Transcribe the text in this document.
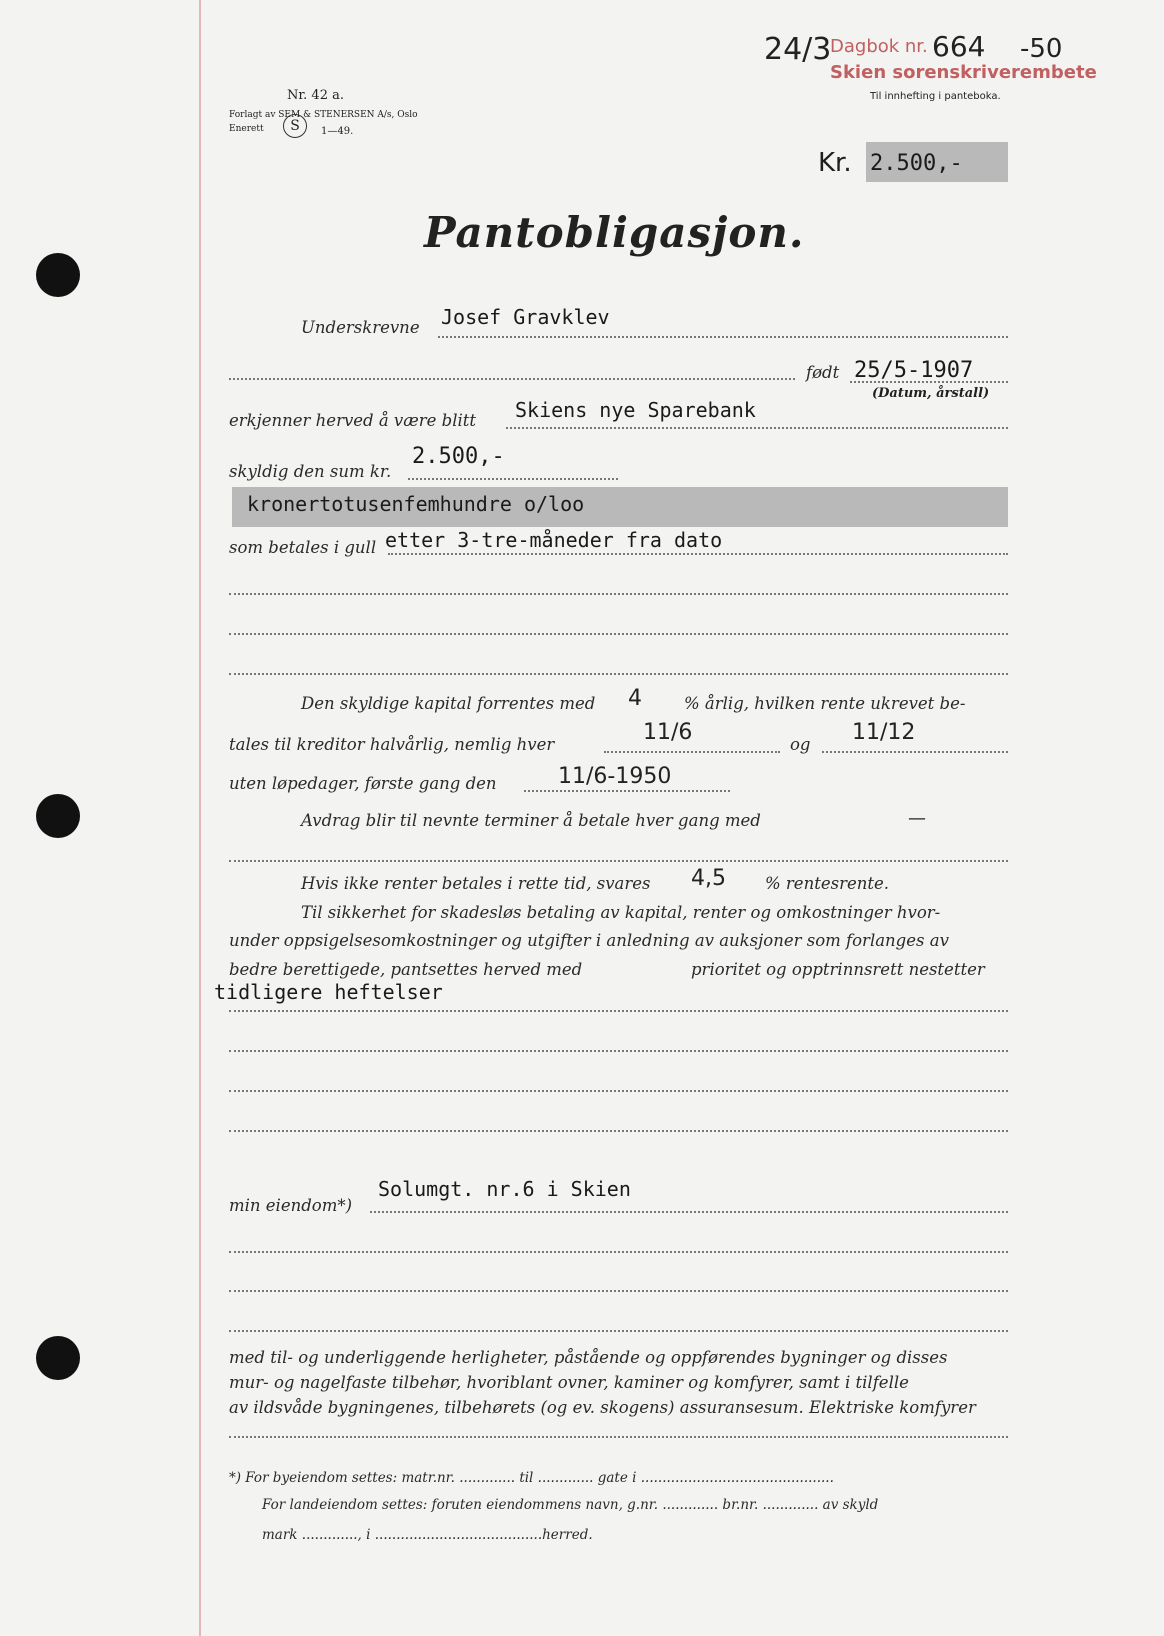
Nr. 42 a.
Forlagt av SEM & STENERSEN A/s, Oslo
Enerett	S	1—49.
24/3
Dagbok nr. 664 -50
Skien sorenskriverembete
Til innhefting i panteboka.
Kr. 2.500,-
Pantobligasjon.
Underskrevne Josef Gravklev
født 25/5-1907
(Datum, årstall)
erkjenner herved å være blitt Skiens nye Sparebank
skyldig den sum kr.
2.500,-
kronertotusenfemhundre o/loo
som betales i gull etter 3-tre-måneder fra dato
Den skyldige kapital forrentes med 4	% årlig, hvilken rente ukrevet be-
tales til kreditor halvårlig, nemlig hver	11/6	og 11/12
uten løpedager, første gang den	11/6-1950
Avdrag blir til nevnte terminer å betale hver gang med	—
Hvis ikke renter betales i rette tid, svares 4,5 % rentesrente.
Til sikkerhet for skadesløs betaling av kapital, renter og omkostninger hvor-
under oppsigelsesomkostninger og utgifter i anledning av auksjoner som forlanges av
bedre berettigede, pantsettes herved med	prioritet og opptrinnsrett nestetter
tidligere heftelser
Solumgt. nr.6 i Skien
min eiendom*)
med til- og underliggende herligheter, påstående og oppførendes bygninger og disses
mur- og nagelfaste tilbehør, hvoriblant ovner, kaminer og komfyrer, samt i tilfelle
av ildsvåde bygningenes, tilbehørets (og ev. skogens) assuransesum. Elektriske komfyrer
*) For byeiendom settes: matr.nr. ............. til ............. gate i .............................................
For landeiendom settes: foruten eiendommens navn, g.nr. ............. br.nr. ............. av skyld
mark ............., i .......................................herred.
